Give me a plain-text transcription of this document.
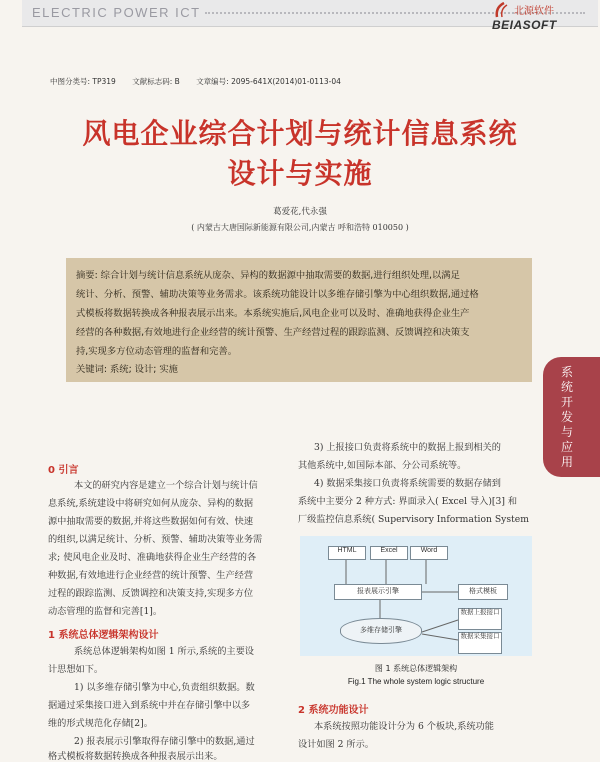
ELECTRIC POWER ICT	北源软件
BEIASOFT
中图分类号: TP319 文献标志码: B 文章编号: 2095-641X(2014)01-0113-04
风电企业综合计划与统计信息系统
设计与实施
葛爱花,代永强
( 内蒙古大唐国际新能源有限公司,内蒙古 呼和浩特 010050 )
摘要: 综合计划与统计信息系统从庞杂、异构的数据源中抽取需要的数据,进行组织处理,以满足
统计、分析、预警、辅助决策等业务需求。该系统功能设计以多维存储引擎为中心组织数据,通过格
式模板将数据转换成各种报表展示出来。本系统实施后,风电企业可以及时、准确地获得企业生产
经营的各种数据,有效地进行企业经营的统计预警、生产经营过程的跟踪监测、反馈调控和决策支
持,实现多方位动态管理的监督和完善。
关键词: 系统; 设计; 实施	系统开发与应用
0 引言
本文的研究内容是建立一个综合计划与统计信
息系统,系统建设中将研究如何从庞杂、异构的数据
源中抽取需要的数据,并将这些数据如何有效、快速
的组织,以满足统计、分析、预警、辅助决策等业务需
求; 使风电企业及时、准确地获得企业生产经营的各
种数据,有效地进行企业经营的统计预警、生产经营
过程的跟踪监测、反馈调控和决策支持,实现多方位
动态管理的监督和完善[1]。
1 系统总体逻辑架构设计
系统总体逻辑架构如图 1 所示,系统的主要设
计思想如下。
1) 以多维存储引擎为中心,负责组织数据。数
据通过采集接口进入到系统中并在存储引擎中以多
维的形式规范化存储[2]。
2) 报表展示引擎取得存储引擎中的数据,通过
格式模板将数据转换成各种报表展示出来。
3) 上报接口负责将系统中的数据上报到相关的
其他系统中,如国际本部、分公司系统等。
4) 数据采集接口负责将系统需要的数据存储到
系统中主要分 2 种方式: 界面录入( Excel 导入)[3] 和
厂级监控信息系统( Supervisory Information System
HTML	Excel	Word
报表展示引擎	格式模板
多维存储引擎
数据上报接口
数据采集接口
图 1 系统总体逻辑架构
Fig.1 The whole system logic structure
2 系统功能设计
本系统按照功能设计分为 6 个板块,系统功能
设计如图 2 所示。
